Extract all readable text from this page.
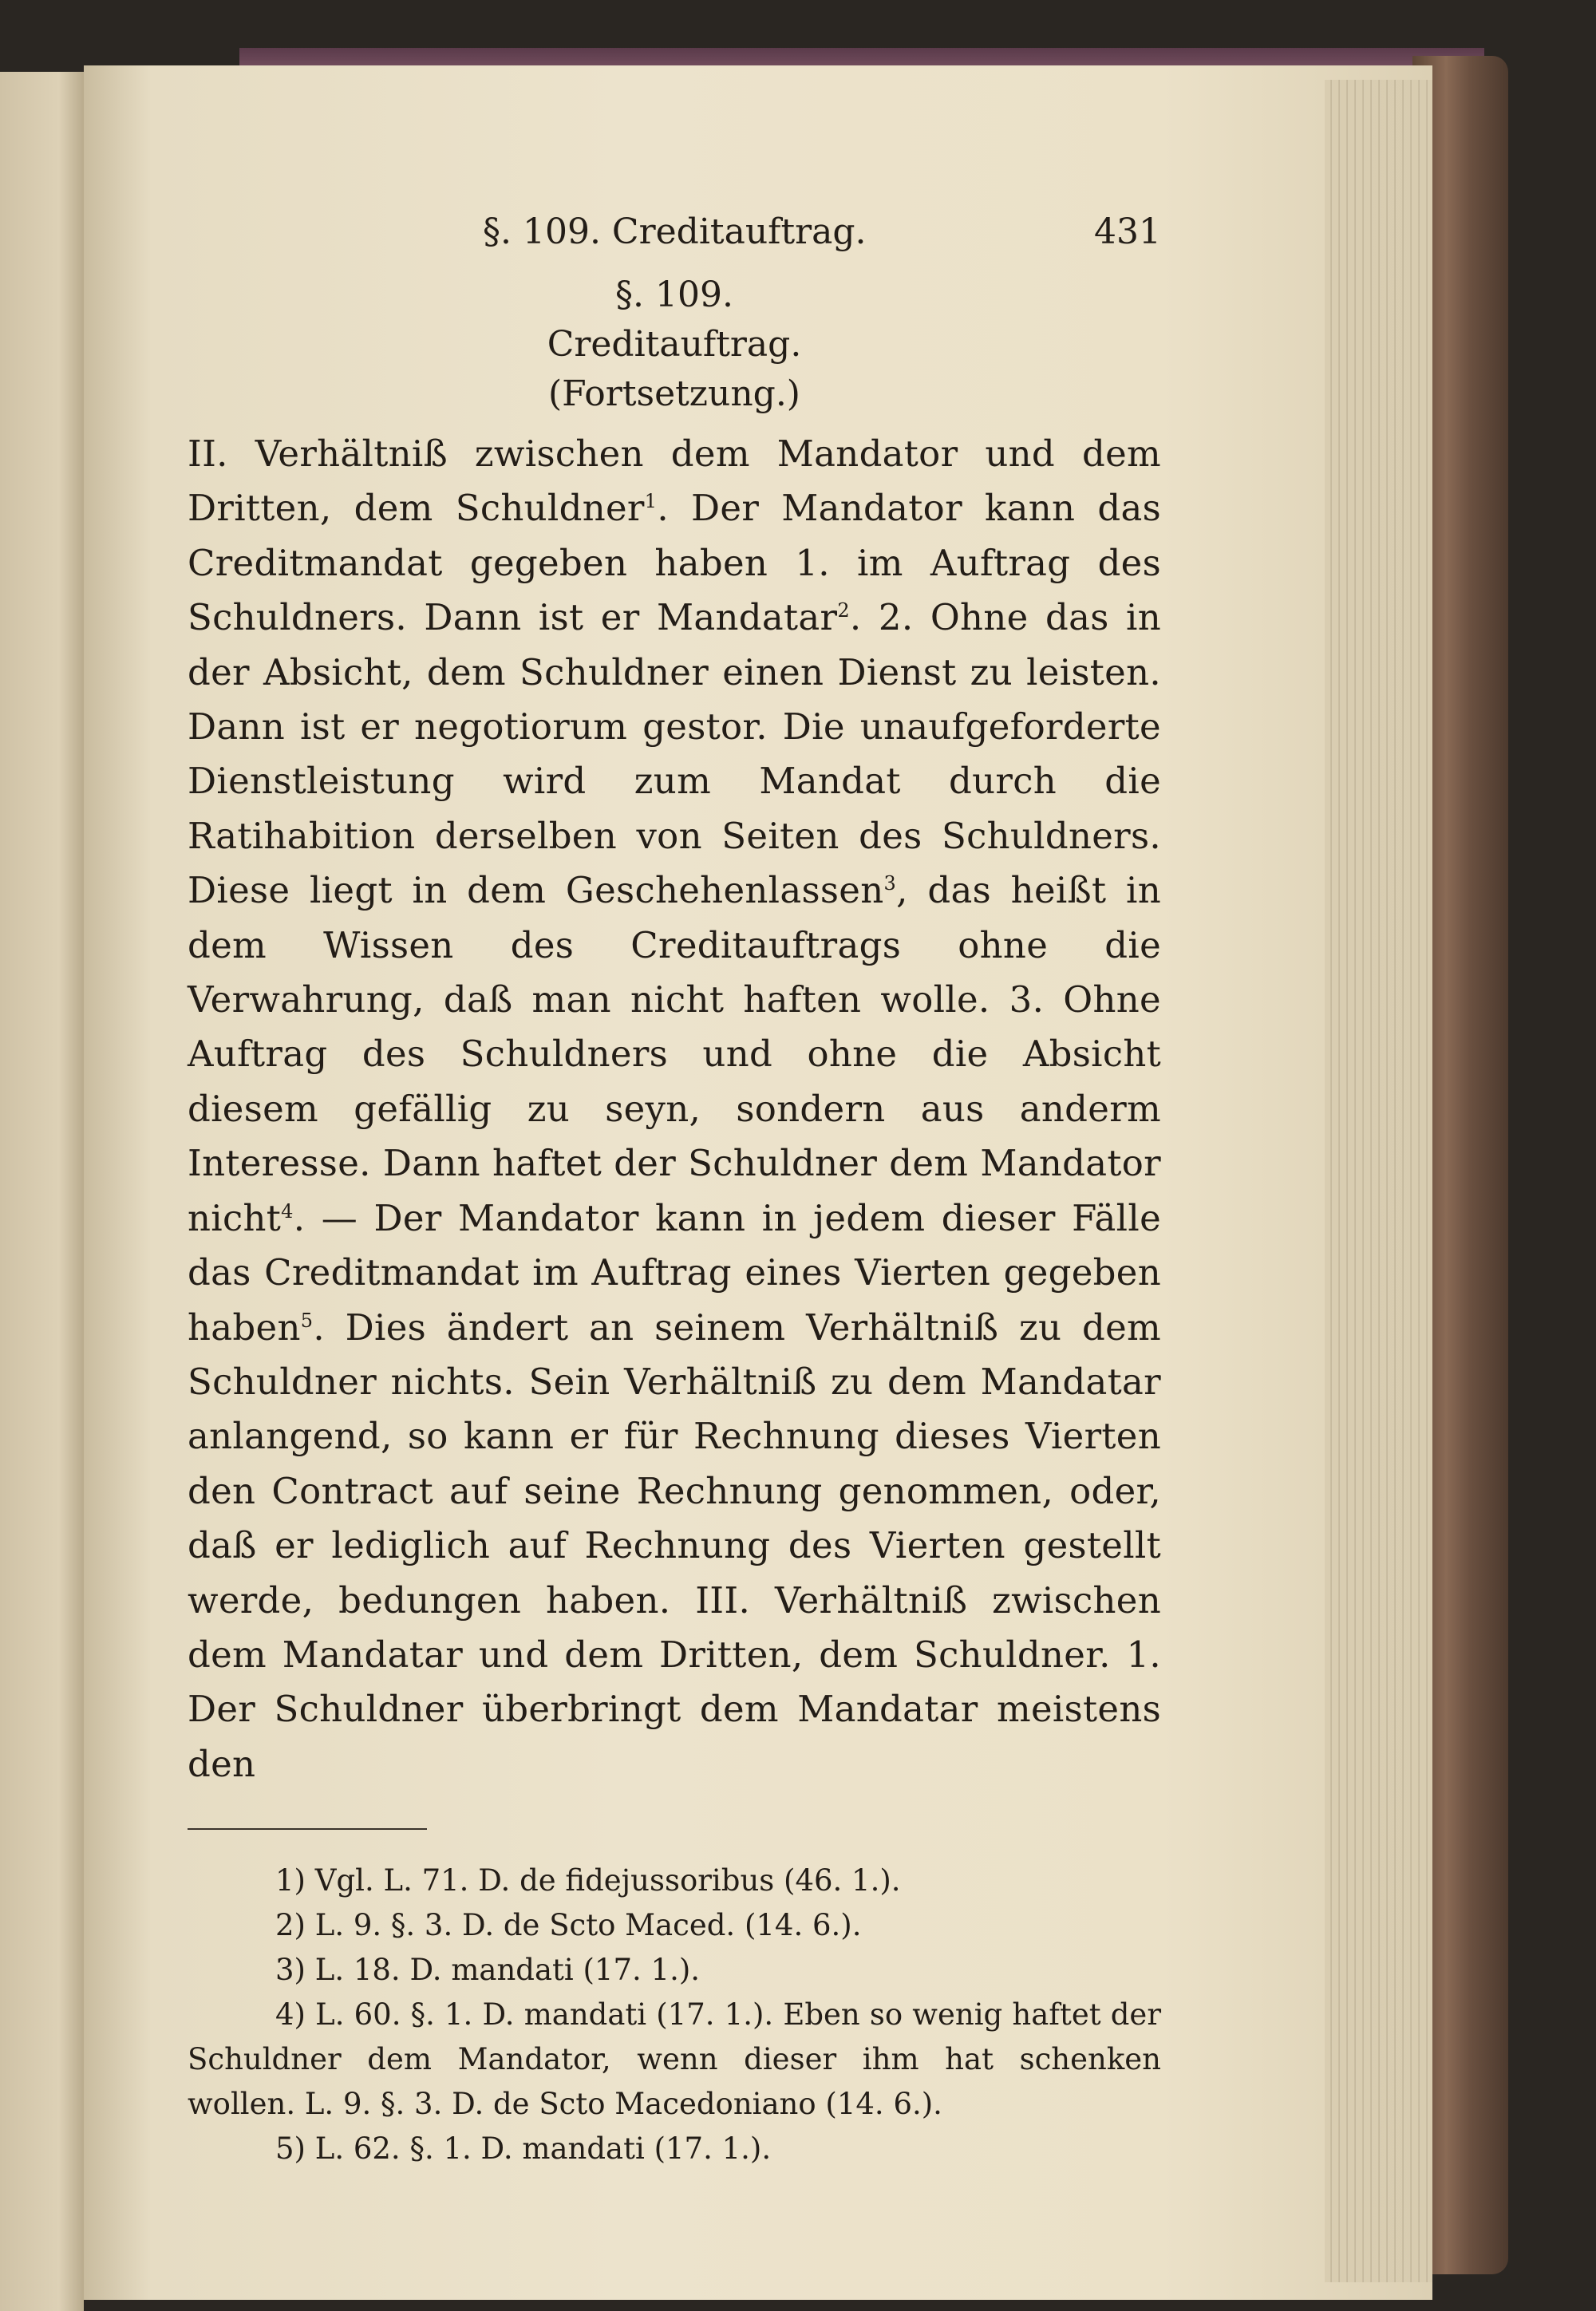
§. 109. Creditauftrag.	431
§. 109.
Creditauftrag.
(Fortsetzung.)
II. Verhältniß zwischen dem Mandator und dem Dritten, dem Schuldner$^1$. Der Mandator kann das Creditmandat gegeben haben 1. im Auftrag des Schuldners. Dann ist er Mandatar$^2$. 2. Ohne das in der Absicht, dem Schuldner einen Dienst zu leisten. Dann ist er negotiorum gestor. Die unaufgeforderte Dienstleistung wird zum Mandat durch die Ratihabition derselben von Seiten des Schuldners. Diese liegt in dem Geschehenlassen$^3$, das heißt in dem Wissen des Creditauftrags ohne die Verwahrung, daß man nicht haften wolle. 3. Ohne Auftrag des Schuldners und ohne die Absicht diesem gefällig zu seyn, sondern aus anderm Interesse. Dann haftet der Schuldner dem Mandator nicht$^4$. — Der Mandator kann in jedem dieser Fälle das Creditmandat im Auftrag eines Vierten gegeben haben$^5$. Dies ändert an seinem Verhältniß zu dem Schuldner nichts. Sein Verhältniß zu dem Mandatar anlangend, so kann er für Rechnung dieses Vierten den Contract auf seine Rechnung genommen, oder, daß er lediglich auf Rechnung des Vierten gestellt werde, bedungen haben. III. Verhältniß zwischen dem Mandatar und dem Dritten, dem Schuldner. 1. Der Schuldner überbringt dem Mandatar meistens den
1) Vgl. L. 71. D. de fidejussoribus (46. 1.).
2) L. 9. §. 3. D. de Scto Maced. (14. 6.).
3) L. 18. D. mandati (17. 1.).
4) L. 60. §. 1. D. mandati (17. 1.). Eben so wenig haftet der Schuldner dem Mandator, wenn dieser ihm hat schenken wollen. L. 9. §. 3. D. de Scto Macedoniano (14. 6.).
5) L. 62. §. 1. D. mandati (17. 1.).
